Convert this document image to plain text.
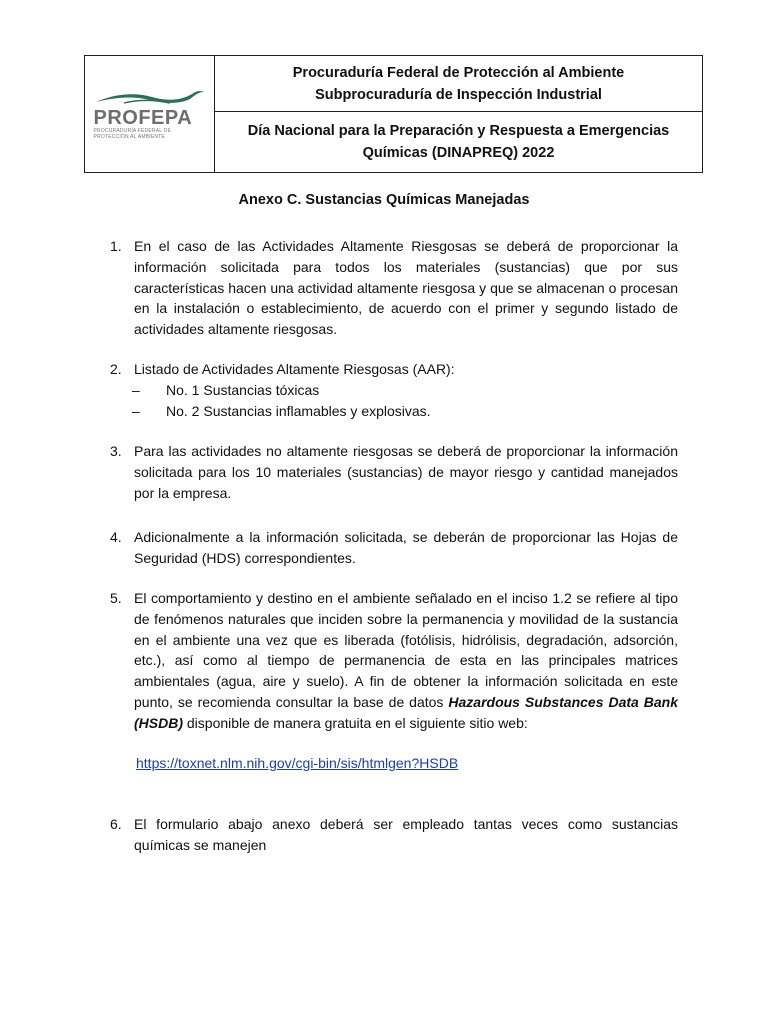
PROFEPA
PROCURADURÍA FEDERAL DE
PROTECCIÓN AL AMBIENTE
Procuraduría Federal de Protección al Ambiente
Subprocuraduría de Inspección Industrial
Día Nacional para la Preparación y Respuesta a Emergencias Químicas (DINAPREQ) 2022
Anexo C. Sustancias Químicas Manejadas
1. En el caso de las Actividades Altamente Riesgosas se deberá de proporcionar la información solicitada para todos los materiales (sustancias) que por sus características hacen una actividad altamente riesgosa y que se almacenan o procesan en la instalación o establecimiento, de acuerdo con el primer y segundo listado de actividades altamente riesgosas.
2. Listado de Actividades Altamente Riesgosas (AAR):
– No. 1 Sustancias tóxicas
– No. 2 Sustancias inflamables y explosivas.
3. Para las actividades no altamente riesgosas se deberá de proporcionar la información solicitada para los 10 materiales (sustancias) de mayor riesgo y cantidad manejados por la empresa.
4. Adicionalmente a la información solicitada, se deberán de proporcionar las Hojas de Seguridad (HDS) correspondientes.
5. El comportamiento y destino en el ambiente señalado en el inciso 1.2 se refiere al tipo de fenómenos naturales que inciden sobre la permanencia y movilidad de la sustancia en el ambiente una vez que es liberada (fotólisis, hidrólisis, degradación, adsorción, etc.), así como al tiempo de permanencia de esta en las principales matrices ambientales (agua, aire y suelo). A fin de obtener la información solicitada en este punto, se recomienda consultar la base de datos Hazardous Substances Data Bank (HSDB) disponible de manera gratuita en el siguiente sitio web:
https://toxnet.nlm.nih.gov/cgi-bin/sis/htmlgen?HSDB
6. El formulario abajo anexo deberá ser empleado tantas veces como sustancias químicas se manejen
